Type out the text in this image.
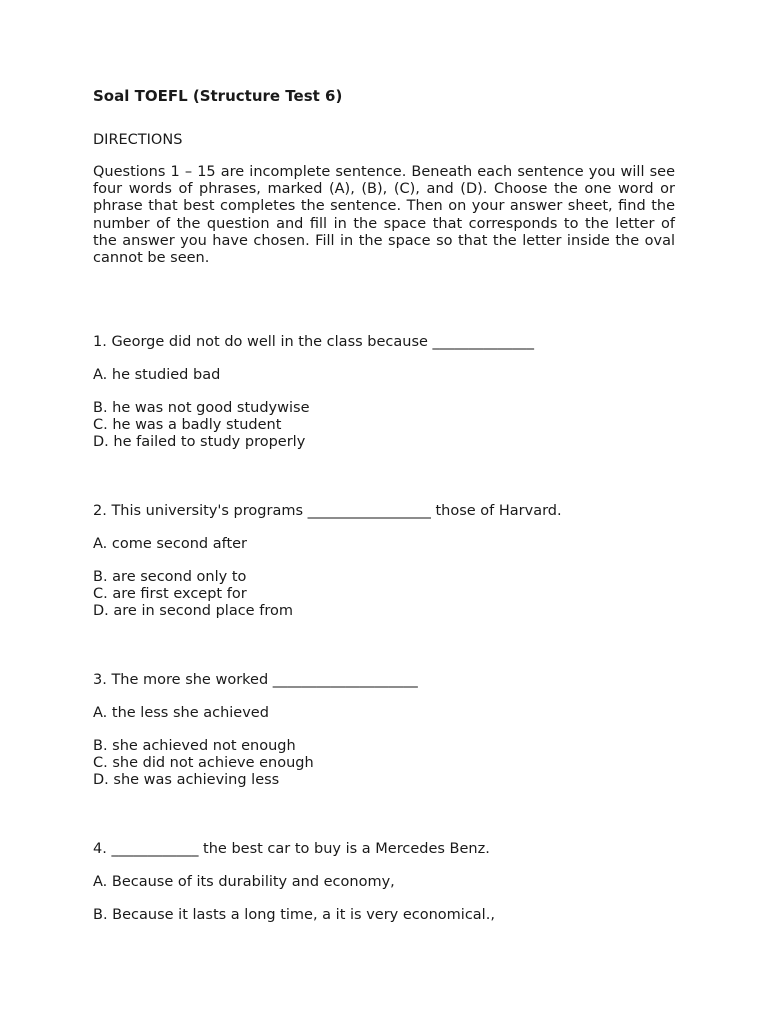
Soal TOEFL (Structure Test 6)
DIRECTIONS
Questions 1 – 15 are incomplete sentence. Beneath each sentence you will see four words of phrases, marked (A), (B), (C), and (D). Choose the one word or phrase that best completes the sentence. Then on your answer sheet, find the number of the question and fill in the space that corresponds to the letter of the answer you have chosen. Fill in the space so that the letter inside the oval cannot be seen.
1. George did not do well in the class because ______________
A. he studied bad
B. he was not good studywise
C. he was a badly student
D. he failed to study properly
2. This university's programs _________________ those of Harvard.
A. come second after
B. are second only to
C. are first except for
D. are in second place from
3. The more she worked ____________________
A. the less she achieved
B. she achieved not enough
C. she did not achieve enough
D. she was achieving less
4. ____________ the best car to buy is a Mercedes Benz.
A. Because of its durability and economy,
B. Because it lasts a long time, a it is very economical.,
